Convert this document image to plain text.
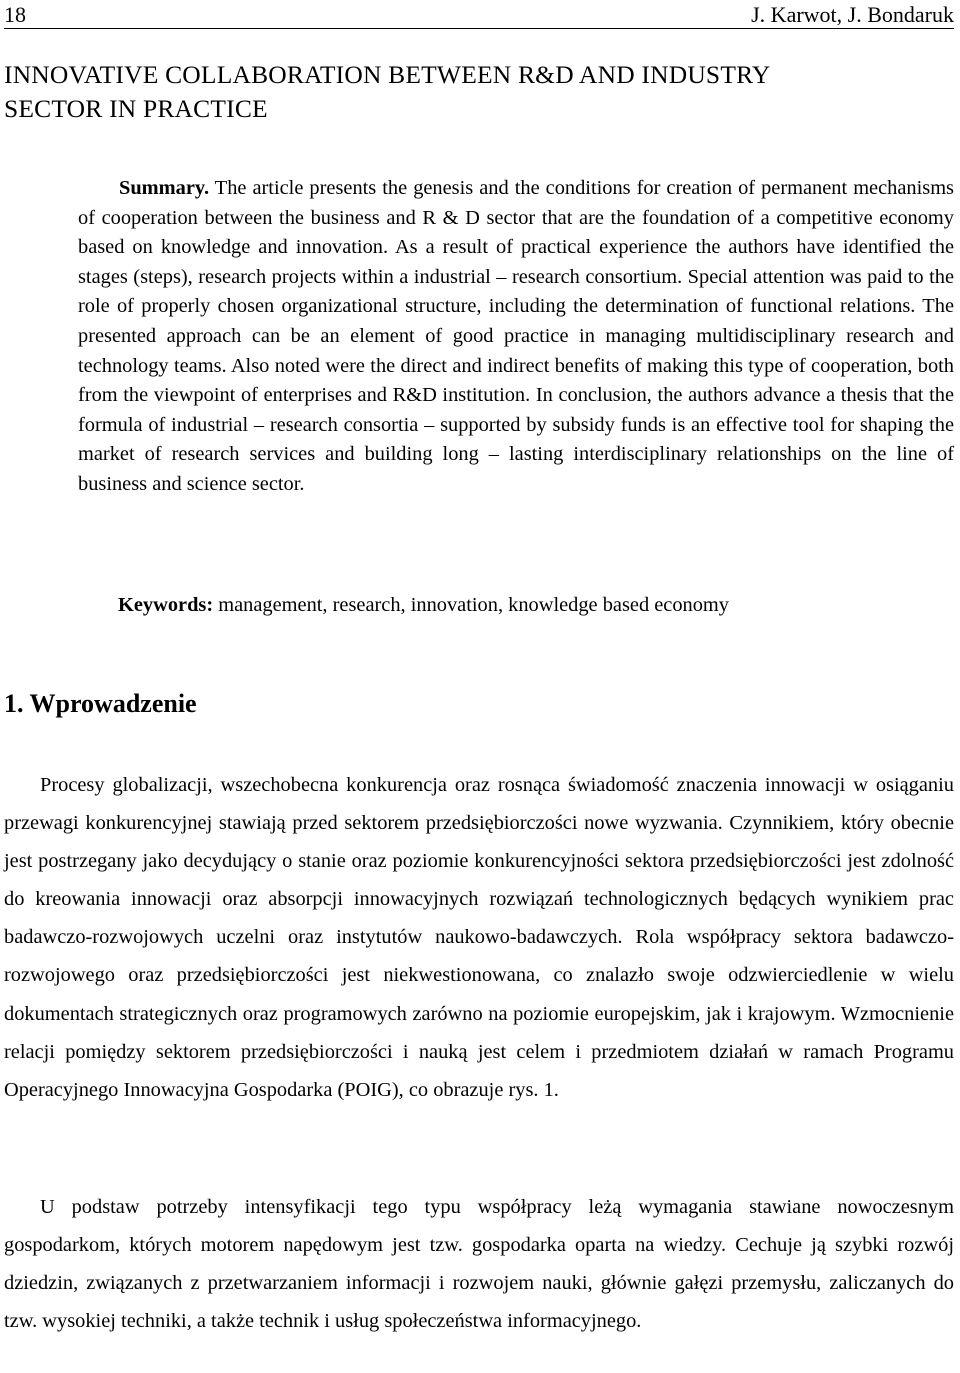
18	J. Karwot, J. Bondaruk
INNOVATIVE COLLABORATION BETWEEN R&D AND INDUSTRY
SECTOR IN PRACTICE

Summary. The article presents the genesis and the conditions for creation of permanent mechanisms of cooperation between the business and R & D sector that are the foundation of a competitive economy based on knowledge and innovation. As a result of practical experience the authors have identified the stages (steps), research projects within a industrial – research consortium. Special attention was paid to the role of properly chosen organizational structure, including the determination of functional relations. The presented approach can be an element of good practice in managing multidisciplinary research and technology teams. Also noted were the direct and indirect benefits of making this type of cooperation, both from the viewpoint of enterprises and R&D institution. In conclusion, the authors advance a thesis that the formula of industrial – research consortia – supported by subsidy funds is an effective tool for shaping the market of research services and building long – lasting interdisciplinary relationships on the line of business and science sector.

Keywords: management, research, innovation, knowledge based economy

1. Wprowadzenie

Procesy globalizacji, wszechobecna konkurencja oraz rosnąca świadomość znaczenia innowacji w osiąganiu przewagi konkurencyjnej stawiają przed sektorem przedsiębiorczości nowe wyzwania. Czynnikiem, który obecnie jest postrzegany jako decydujący o stanie oraz poziomie konkurencyjności sektora przedsiębiorczości jest zdolność do kreowania innowacji oraz absorpcji innowacyjnych rozwiązań technologicznych będących wynikiem prac badawczo-rozwojowych uczelni oraz instytutów naukowo-badawczych. Rola współpracy sektora badawczo-rozwojowego oraz przedsiębiorczości jest niekwestionowana, co znalazło swoje odzwierciedlenie w wielu dokumentach strategicznych oraz programowych zarówno na poziomie europejskim, jak i krajowym. Wzmocnienie relacji pomiędzy sektorem przedsiębiorczości i nauką jest celem i przedmiotem działań w ramach Programu Operacyjnego Innowacyjna Gospodarka (POIG), co obrazuje rys. 1.

U podstaw potrzeby intensyfikacji tego typu współpracy leżą wymagania stawiane nowoczesnym gospodarkom, których motorem napędowym jest tzw. gospodarka oparta na wiedzy. Cechuje ją szybki rozwój dziedzin, związanych z przetwarzaniem informacji i rozwojem nauki, głównie gałęzi przemysłu, zaliczanych do tzw. wysokiej techniki, a także technik i usług społeczeństwa informacyjnego.
